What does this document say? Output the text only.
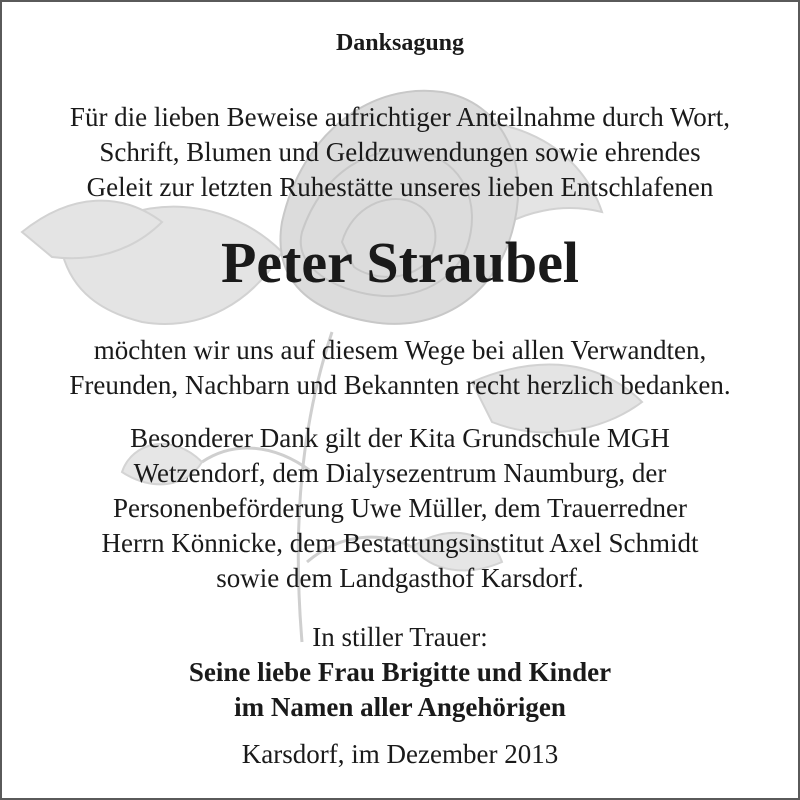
Danksagung
Für die lieben Beweise aufrichtiger Anteilnahme durch Wort,
Schrift, Blumen und Geldzuwendungen sowie ehrendes
Geleit zur letzten Ruhestätte unseres lieben Entschlafenen
Peter Straubel
möchten wir uns auf diesem Wege bei allen Verwandten,
Freunden, Nachbarn und Bekannten recht herzlich bedanken.
Besonderer Dank gilt der Kita Grundschule MGH
Wetzendorf, dem Dialysezentrum Naumburg, der
Personenbeförderung Uwe Müller, dem Trauerredner
Herrn Könnicke, dem Bestattungsinstitut Axel Schmidt
sowie dem Landgasthof Karsdorf.
In stiller Trauer:
Seine liebe Frau Brigitte und Kinder
im Namen aller Angehörigen
Karsdorf, im Dezember 2013
